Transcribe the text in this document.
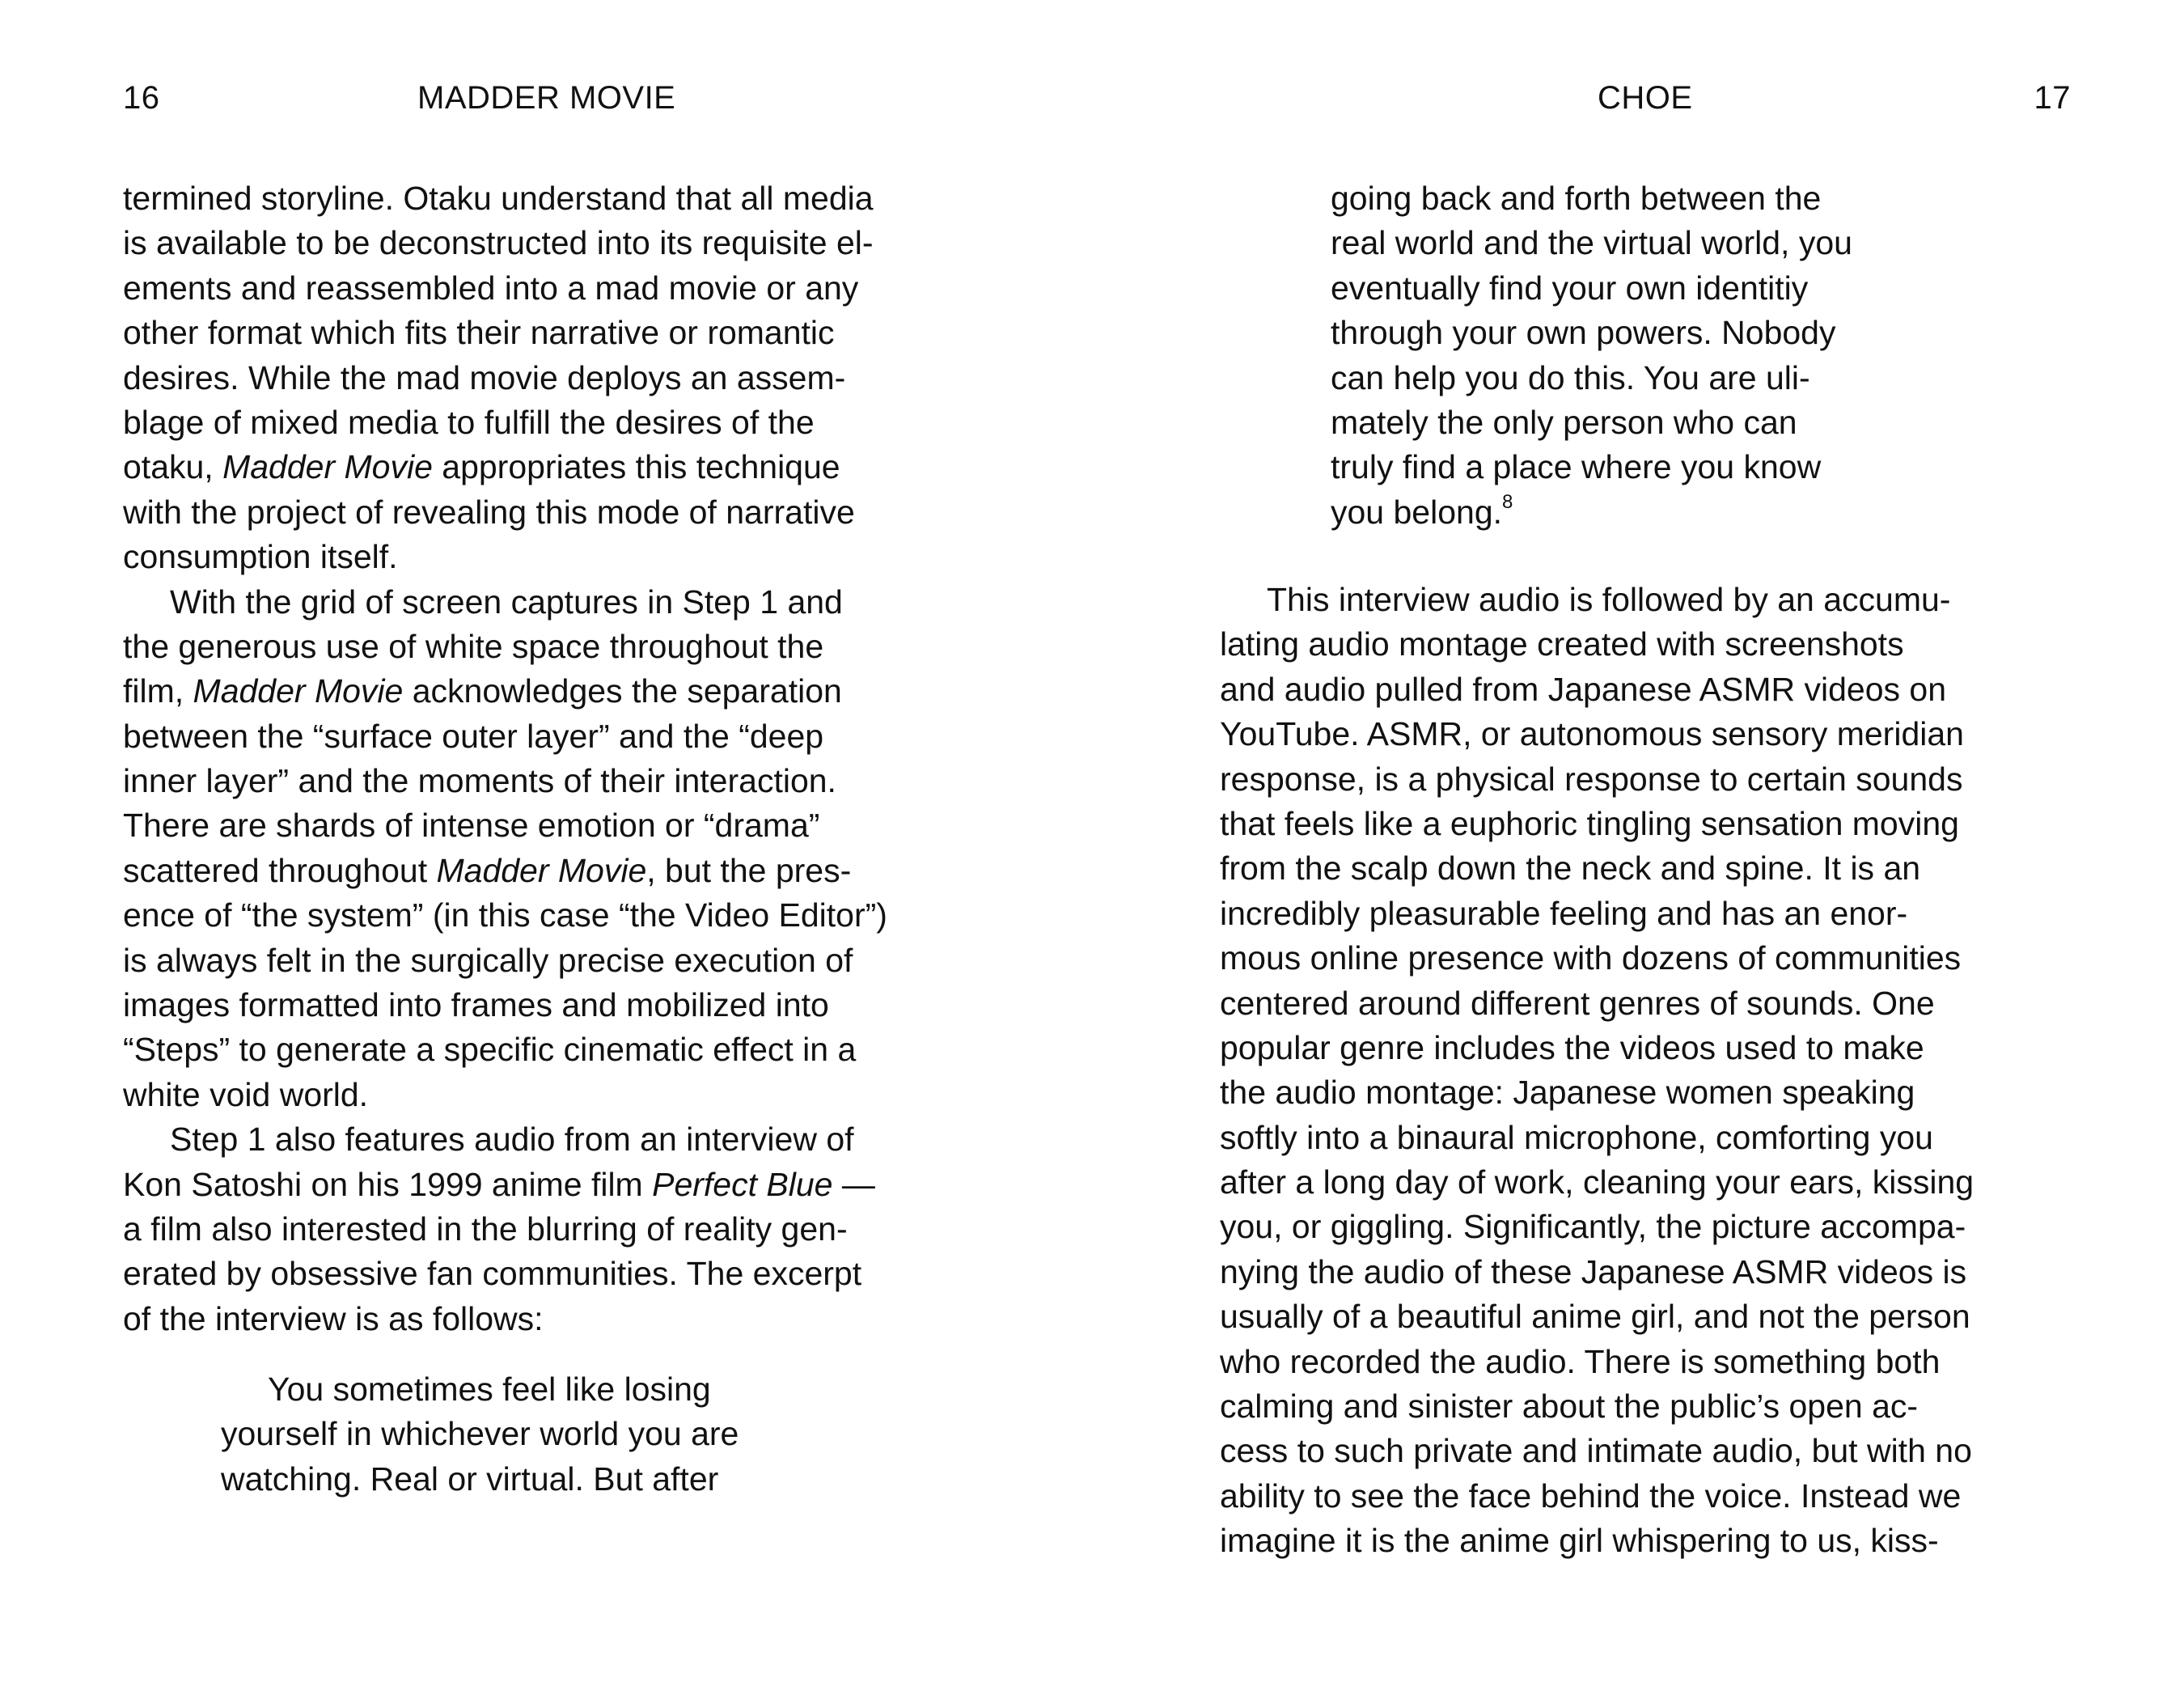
16	MADDER MOVIE	CHOE	17
termined storyline. Otaku understand that all media
is available to be deconstructed into its requisite el-
ements and reassembled into a mad movie or any
other format which fits their narrative or romantic
desires. While the mad movie deploys an assem-
blage of mixed media to fulfill the desires of the
otaku, Madder Movie appropriates this technique
with the project of revealing this mode of narrative
consumption itself.
With the grid of screen captures in Step 1 and
the generous use of white space throughout the
film, Madder Movie acknowledges the separation
between the “surface outer layer” and the “deep
inner layer” and the moments of their interaction.
There are shards of intense emotion or “drama”
scattered throughout Madder Movie, but the pres-
ence of “the system” (in this case “the Video Editor”)
is always felt in the surgically precise execution of
images formatted into frames and mobilized into
“Steps” to generate a specific cinematic effect in a
white void world.
Step 1 also features audio from an interview of
Kon Satoshi on his 1999 anime film Perfect Blue —
a film also interested in the blurring of reality gen-
erated by obsessive fan communities. The excerpt
of the interview is as follows:
You sometimes feel like losing
yourself in whichever world you are
watching. Real or virtual. But after
going back and forth between the
real world and the virtual world, you
eventually find your own identitiy
through your own powers. Nobody
can help you do this. You are uli-
mately the only person who can
truly find a place where you know
you belong.$^8$
This interview audio is followed by an accumu-
lating audio montage created with screenshots
and audio pulled from Japanese ASMR videos on
YouTube. ASMR, or autonomous sensory meridian
response, is a physical response to certain sounds
that feels like a euphoric tingling sensation moving
from the scalp down the neck and spine. It is an
incredibly pleasurable feeling and has an enor-
mous online presence with dozens of communities
centered around different genres of sounds. One
popular genre includes the videos used to make
the audio montage: Japanese women speaking
softly into a binaural microphone, comforting you
after a long day of work, cleaning your ears, kissing
you, or giggling. Significantly, the picture accompa-
nying the audio of these Japanese ASMR videos is
usually of a beautiful anime girl, and not the person
who recorded the audio. There is something both
calming and sinister about the public’s open ac-
cess to such private and intimate audio, but with no
ability to see the face behind the voice. Instead we
imagine it is the anime girl whispering to us, kiss-
